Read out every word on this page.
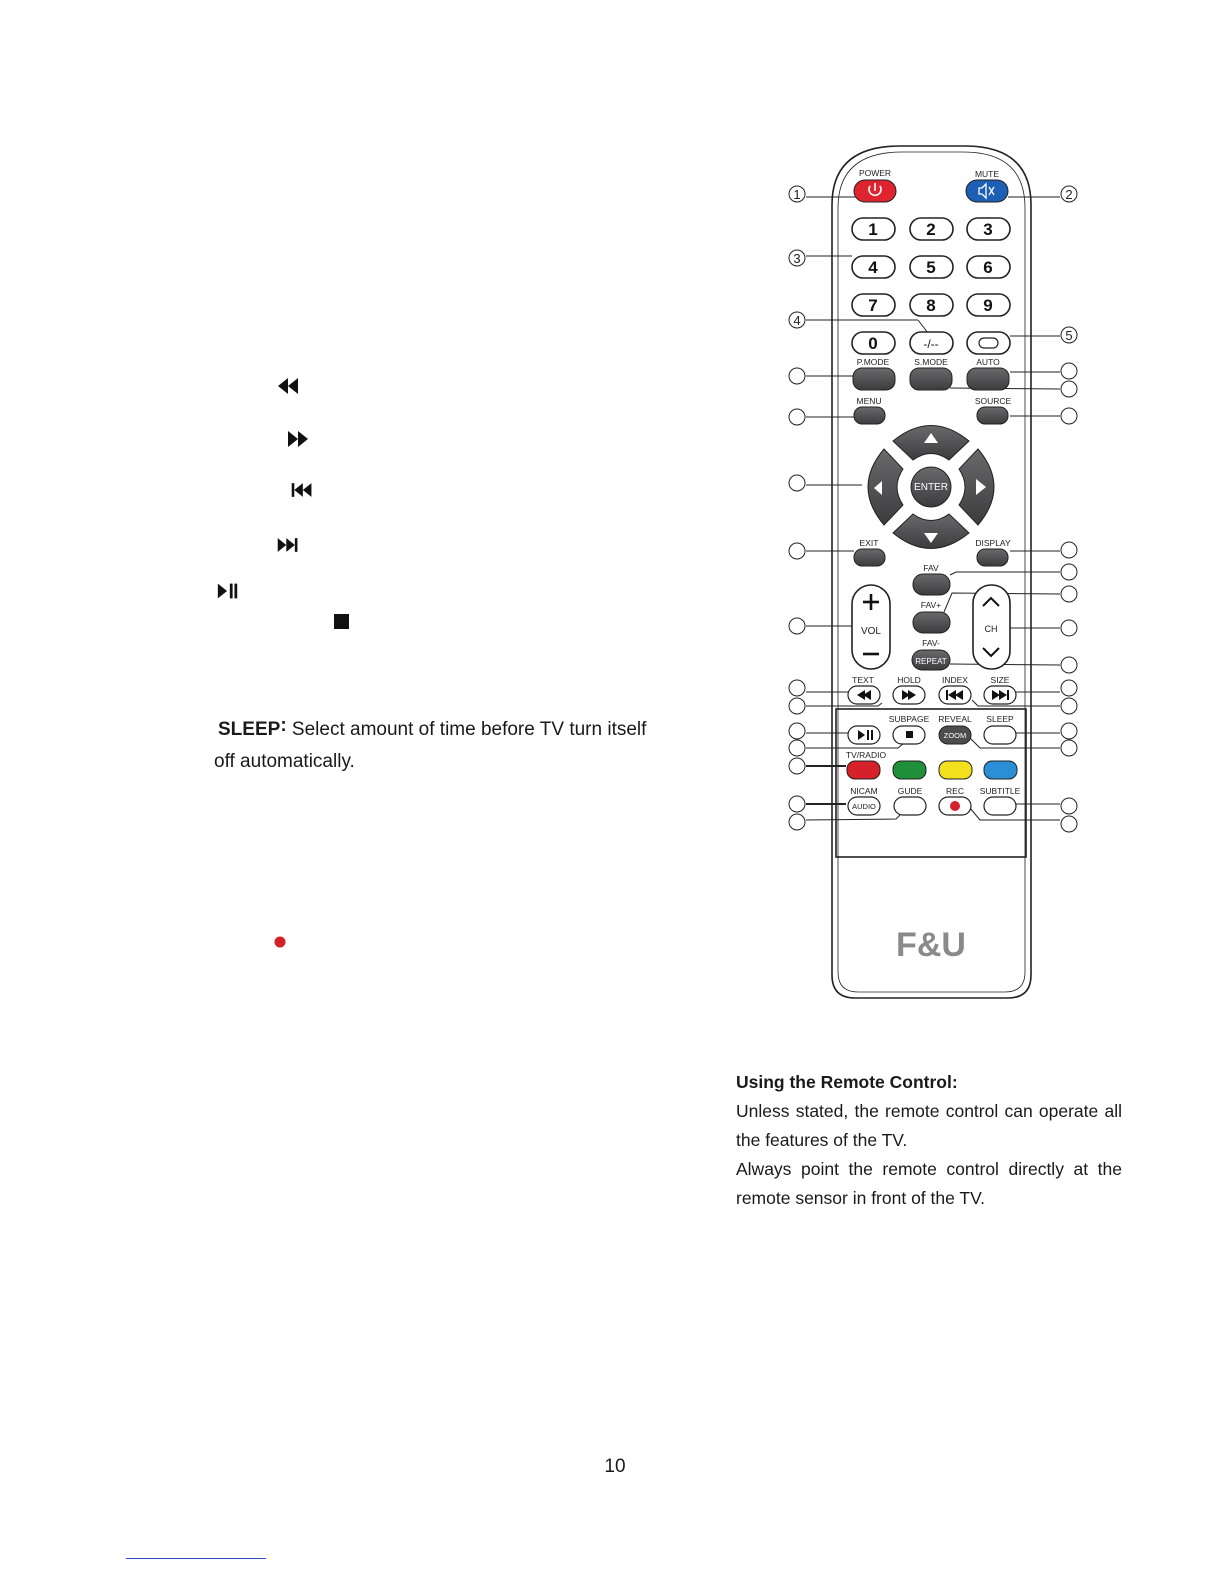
SLEEP: Select amount of time before TV turn itself
off automatically.
1	2
3
4
5
POWER	MUTE
P.MODE	S.MODE	AUTO
MENU	SOURCE
EXIT	DISPLAY
FAV
FAV+
FAV-
TEXT	HOLD INDEX	SIZE
SUBPAGE REVEAL SLEEP
TV/RADIO
NICAM GUDE	REC SUBTITLE
1	2	3
4	5	6
7	8	9
0	-/--
REPEAT
ENTER
VOL	CH
ZOOM
AUDIO
F&U
Using the Remote Control:
Unless stated, the remote control can operate all the features of the TV.
Always point the remote control directly at the remote sensor in front of the TV.
10
